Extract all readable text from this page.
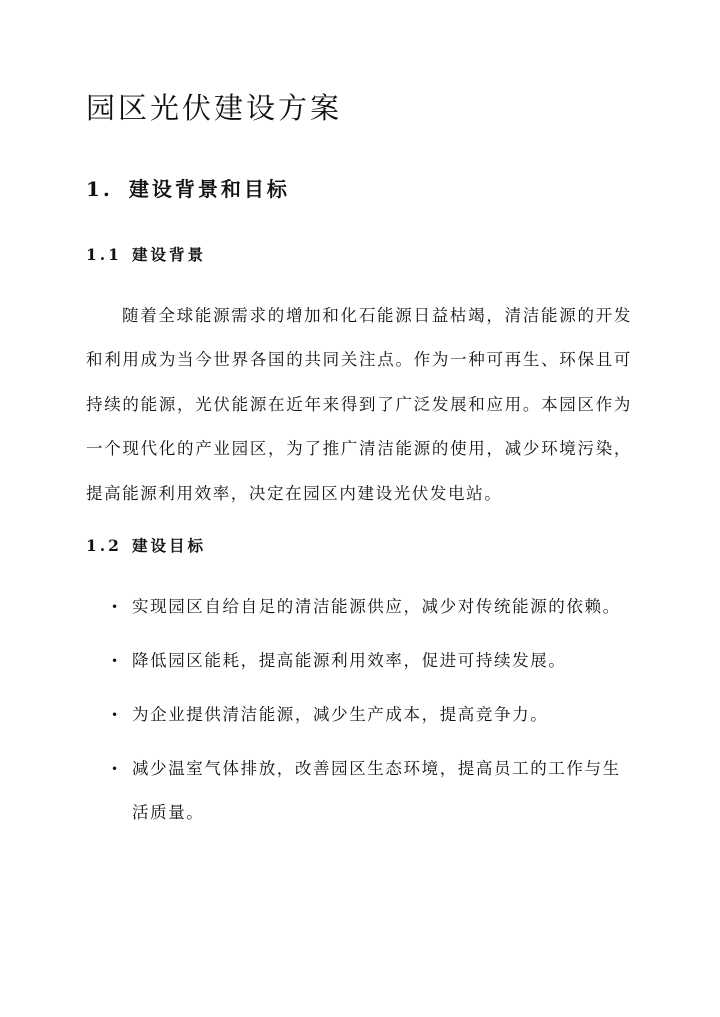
园区光伏建设方案
1. 建设背景和目标
1.1 建设背景

随着全球能源需求的增加和化石能源日益枯竭，清洁能源的开发和利用成为当今世界各国的共同关注点。作为一种可再生、环保且可持续的能源，光伏能源在近年来得到了广泛发展和应用。本园区作为一个现代化的产业园区，为了推广清洁能源的使用，减少环境污染，提高能源利用效率，决定在园区内建设光伏发电站。

1.2 建设目标
• 实现园区自给自足的清洁能源供应，减少对传统能源的依赖。
• 降低园区能耗，提高能源利用效率，促进可持续发展。
• 为企业提供清洁能源，减少生产成本，提高竞争力。
• 减少温室气体排放，改善园区生态环境，提高员工的工作与生活质量。
